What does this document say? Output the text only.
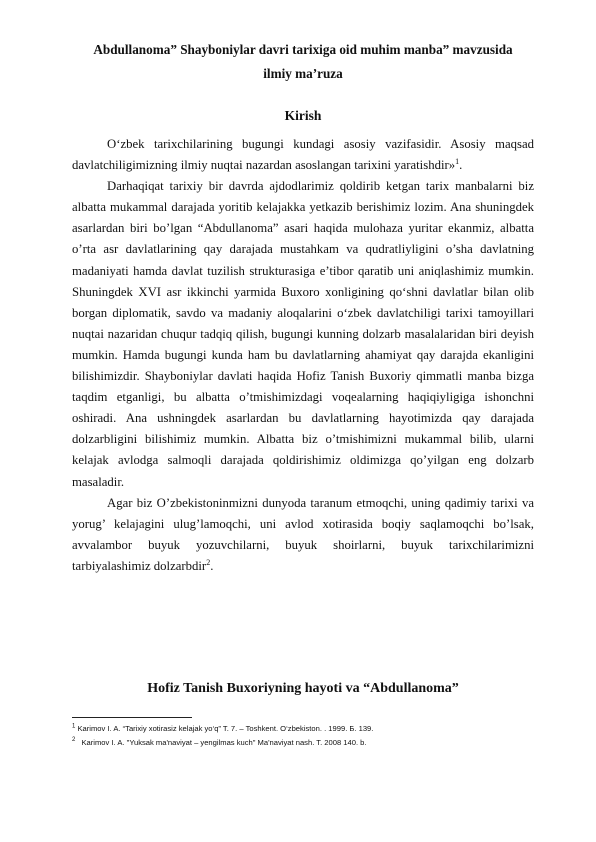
Abdullanoma” Shayboniylar davri tarixiga oid muhim manba” mavzusida
ilmiy ma’ruza
Kirish

O‘zbek tarixchilarining bugungi kundagi asosiy vazifasidir. Asosiy maqsad davlatchiligimizning ilmiy nuqtai nazardan asoslangan tarixini yaratishdir»$^1$.

Darhaqiqat tarixiy bir davrda ajdodlarimiz qoldirib ketgan tarix manbalarni biz albatta mukammal darajada yoritib kelajakka yetkazib berishimiz lozim. Ana shuningdek asarlardan biri bo’lgan “Abdullanoma” asari haqida mulohaza yuritar ekanmiz, albatta o’rta asr davlatlarining qay darajada mustahkam va qudratliyligini o’sha davlatning madaniyati hamda davlat tuzilish strukturasiga e’tibor qaratib uni aniqlashimiz mumkin. Shuningdek XVI asr ikkinchi yarmida Buxoro xonligining qo‘shni davlatlar bilan olib borgan diplomatik, savdo va madaniy aloqalarini o‘zbek davlatchiligi tarixi tamoyillari nuqtai nazaridan chuqur tadqiq qilish, bugungi kunning dolzarb masalalaridan biri deyish mumkin. Hamda bugungi kunda ham bu davlatlarning ahamiyat qay darajda ekanligini bilishimizdir. Shayboniylar davlati haqida Hofiz Tanish Buxoriy qimmatli manba bizga taqdim etganligi, bu albatta o’tmishimizdagi voqealarning haqiqiyligiga ishonchni oshiradi. Ana ushningdek asarlardan bu davlatlarning hayotimizda qay darajada dolzarbligini bilishimiz mumkin. Albatta biz o’tmishimizni mukammal bilib, ularni kelajak avlodga salmoqli darajada qoldirishimiz oldimizga qo’yilgan eng dolzarb masaladir.

Agar biz O’zbekistoninmizni dunyoda taranum etmoqchi, uning qadimiy tarixi va yorug’ kelajagini ulug’lamoqchi, uni avlod xotirasida boqiy saqlamoqchi bo’lsak, avvalambor buyuk yozuvchilarni, buyuk shoirlarni, buyuk tarixchilarimizni tarbiyalashimiz dolzarbdir$^2$.

Hofiz Tanish Buxoriyning hayoti va “Abdullanoma”
$^1$ Karimov I. A. “Tarixiy xotirasiz kelajak yo‘q” T. 7. – Toshkent. O‘zbekiston. . 1999. Б. 139.
$^2$ Karimov I. A. "Yuksak ma'naviyat – yengilmas kuch" Ma'naviyat nash. T. 2008 140. b.
